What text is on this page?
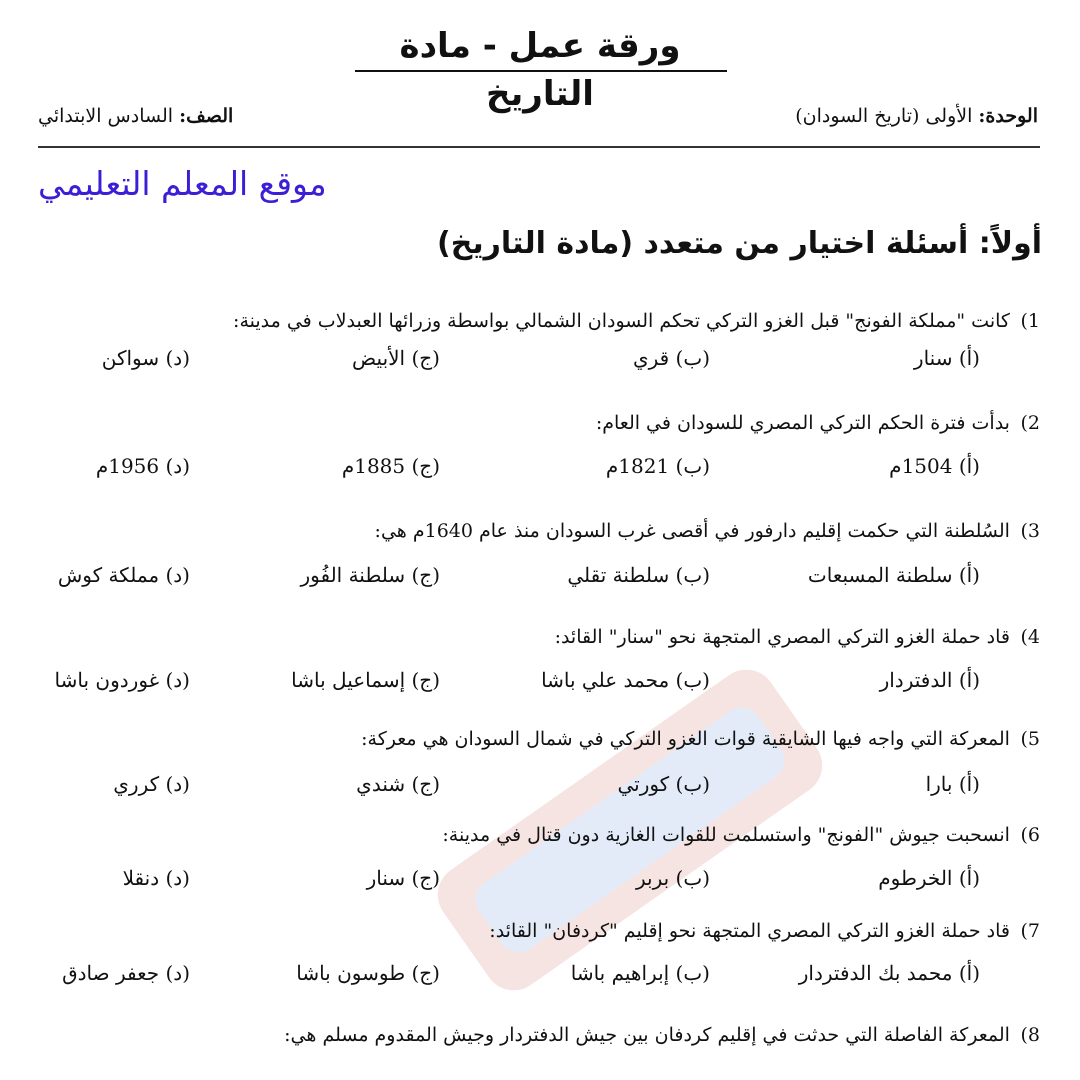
ورقة عمل - مادة التاريخ
الوحدة: الأولى (تاريخ السودان)
الصف: السادس الابتدائي
موقع المعلم التعليمي
أولاً: أسئلة اختيار من متعدد (مادة التاريخ)
1) كانت "مملكة الفونج" قبل الغزو التركي تحكم السودان الشمالي بواسطة وزرائها العبدلاب في مدينة:
(أ) سنار
(ب) قري
(ج) الأبيض
(د) سواكن
2) بدأت فترة الحكم التركي المصري للسودان في العام:
(أ) 1504م
(ب) 1821م
(ج) 1885م
(د) 1956م
3) السُلطنة التي حكمت إقليم دارفور في أقصى غرب السودان منذ عام 1640م هي:
(أ) سلطنة المسبعات
(ب) سلطنة تقلي
(ج) سلطنة الفُور
(د) مملكة كوش
4) قاد حملة الغزو التركي المصري المتجهة نحو "سنار" القائد:
(أ) الدفتردار
(ب) محمد علي باشا
(ج) إسماعيل باشا
(د) غوردون باشا
5) المعركة التي واجه فيها الشايقية قوات الغزو التركي في شمال السودان هي معركة:
(أ) بارا
(ب) كورتي
(ج) شندي
(د) كرري
6) انسحبت جيوش "الفونج" واستسلمت للقوات الغازية دون قتال في مدينة:
(أ) الخرطوم
(ب) بربر
(ج) سنار
(د) دنقلا
7) قاد حملة الغزو التركي المصري المتجهة نحو إقليم "كردفان" القائد:
(أ) محمد بك الدفتردار
(ب) إبراهيم باشا
(ج) طوسون باشا
(د) جعفر صادق
8) المعركة الفاصلة التي حدثت في إقليم كردفان بين جيش الدفتردار وجيش المقدوم مسلم هي:
